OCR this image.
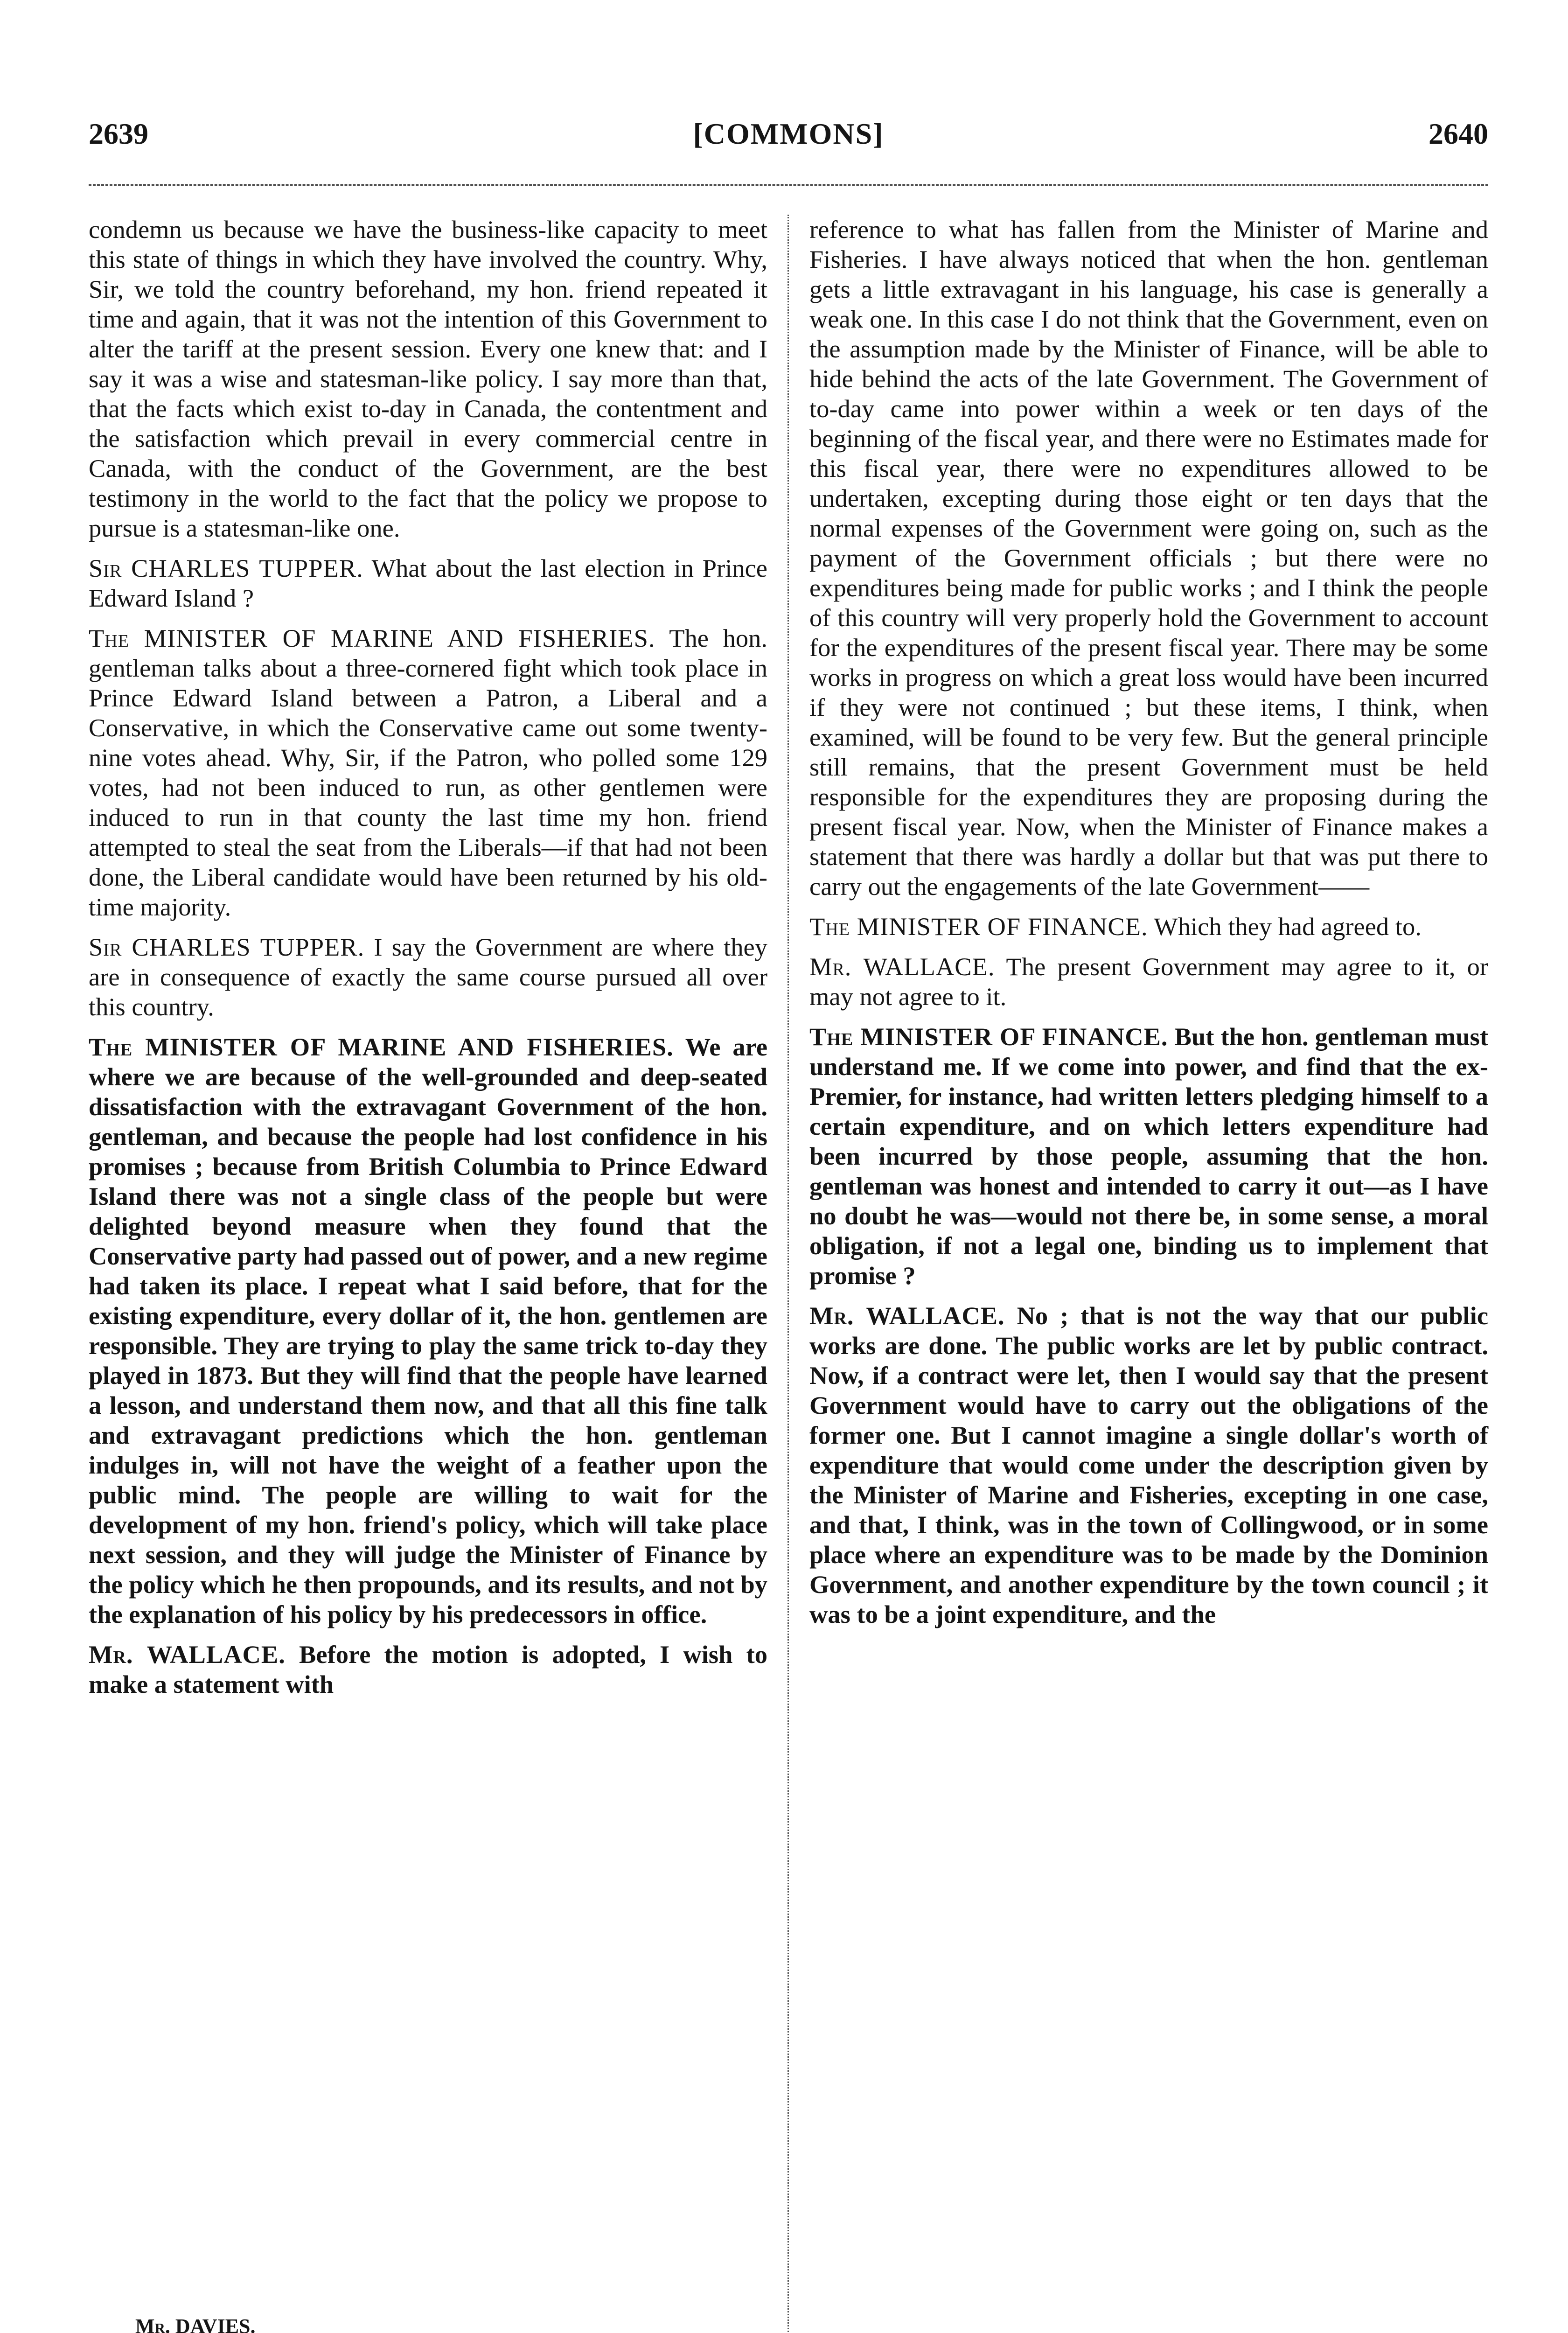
2639	[COMMONS]	2640

condemn us because we have the business-like capacity to meet this state of things in which they have involved the country. Why, Sir, we told the country beforehand, my hon. friend repeated it time and again, that it was not the intention of this Government to alter the tariff at the present session. Every one knew that: and I say it was a wise and statesman-like policy. I say more than that, that the facts which exist to-day in Canada, the contentment and the satisfaction which prevail in every commercial centre in Canada, with the conduct of the Government, are the best testimony in the world to the fact that the policy we propose to pursue is a statesman-like one.

Sir CHARLES TUPPER. What about the last election in Prince Edward Island ?

The MINISTER OF MARINE AND FISHERIES. The hon. gentleman talks about a three-cornered fight which took place in Prince Edward Island between a Patron, a Liberal and a Conservative, in which the Conservative came out some twenty-nine votes ahead. Why, Sir, if the Patron, who polled some 129 votes, had not been induced to run, as other gentlemen were induced to run in that county the last time my hon. friend attempted to steal the seat from the Liberals—if that had not been done, the Liberal candidate would have been returned by his old-time majority.

Sir CHARLES TUPPER. I say the Government are where they are in consequence of exactly the same course pursued all over this country.

The MINISTER OF MARINE AND FISHERIES. We are where we are because of the well-grounded and deep-seated dissatisfaction with the extravagant Government of the hon. gentleman, and because the people had lost confidence in his promises ; because from British Columbia to Prince Edward Island there was not a single class of the people but were delighted beyond measure when they found that the Conservative party had passed out of power, and a new regime had taken its place. I repeat what I said before, that for the existing expenditure, every dollar of it, the hon. gentlemen are responsible. They are trying to play the same trick to-day they played in 1873. But they will find that the people have learned a lesson, and understand them now, and that all this fine talk and extravagant predictions which the hon. gentleman indulges in, will not have the weight of a feather upon the public mind. The people are willing to wait for the development of my hon. friend's policy, which will take place next session, and they will judge the Minister of Finance by the policy which he then propounds, and its results, and not by the explanation of his policy by his predecessors in office.

Mr. WALLACE. Before the motion is adopted, I wish to make a statement with

reference to what has fallen from the Minister of Marine and Fisheries. I have always noticed that when the hon. gentleman gets a little extravagant in his language, his case is generally a weak one. In this case I do not think that the Government, even on the assumption made by the Minister of Finance, will be able to hide behind the acts of the late Government. The Government of to-day came into power within a week or ten days of the beginning of the fiscal year, and there were no Estimates made for this fiscal year, there were no expenditures allowed to be undertaken, excepting during those eight or ten days that the normal expenses of the Government were going on, such as the payment of the Government officials ; but there were no expenditures being made for public works ; and I think the people of this country will very properly hold the Government to account for the expenditures of the present fiscal year. There may be some works in progress on which a great loss would have been incurred if they were not continued ; but these items, I think, when examined, will be found to be very few. But the general principle still remains, that the present Government must be held responsible for the expenditures they are proposing during the present fiscal year. Now, when the Minister of Finance makes a statement that there was hardly a dollar but that was put there to carry out the engagements of the late Government——

The MINISTER OF FINANCE. Which they had agreed to.

Mr. WALLACE. The present Government may agree to it, or may not agree to it.

The MINISTER OF FINANCE. But the hon. gentleman must understand me. If we come into power, and find that the ex-Premier, for instance, had written letters pledging himself to a certain expenditure, and on which letters expenditure had been incurred by those people, assuming that the hon. gentleman was honest and intended to carry it out—as I have no doubt he was—would not there be, in some sense, a moral obligation, if not a legal one, binding us to implement that promise ?

Mr. WALLACE. No ; that is not the way that our public works are done. The public works are let by public contract. Now, if a contract were let, then I would say that the present Government would have to carry out the obligations of the former one. But I cannot imagine a single dollar's worth of expenditure that would come under the description given by the Minister of Marine and Fisheries, excepting in one case, and that, I think, was in the town of Collingwood, or in some place where an expenditure was to be made by the Dominion Government, and another expenditure by the town council ; it was to be a joint expenditure, and the

Mr. DAVIES.
